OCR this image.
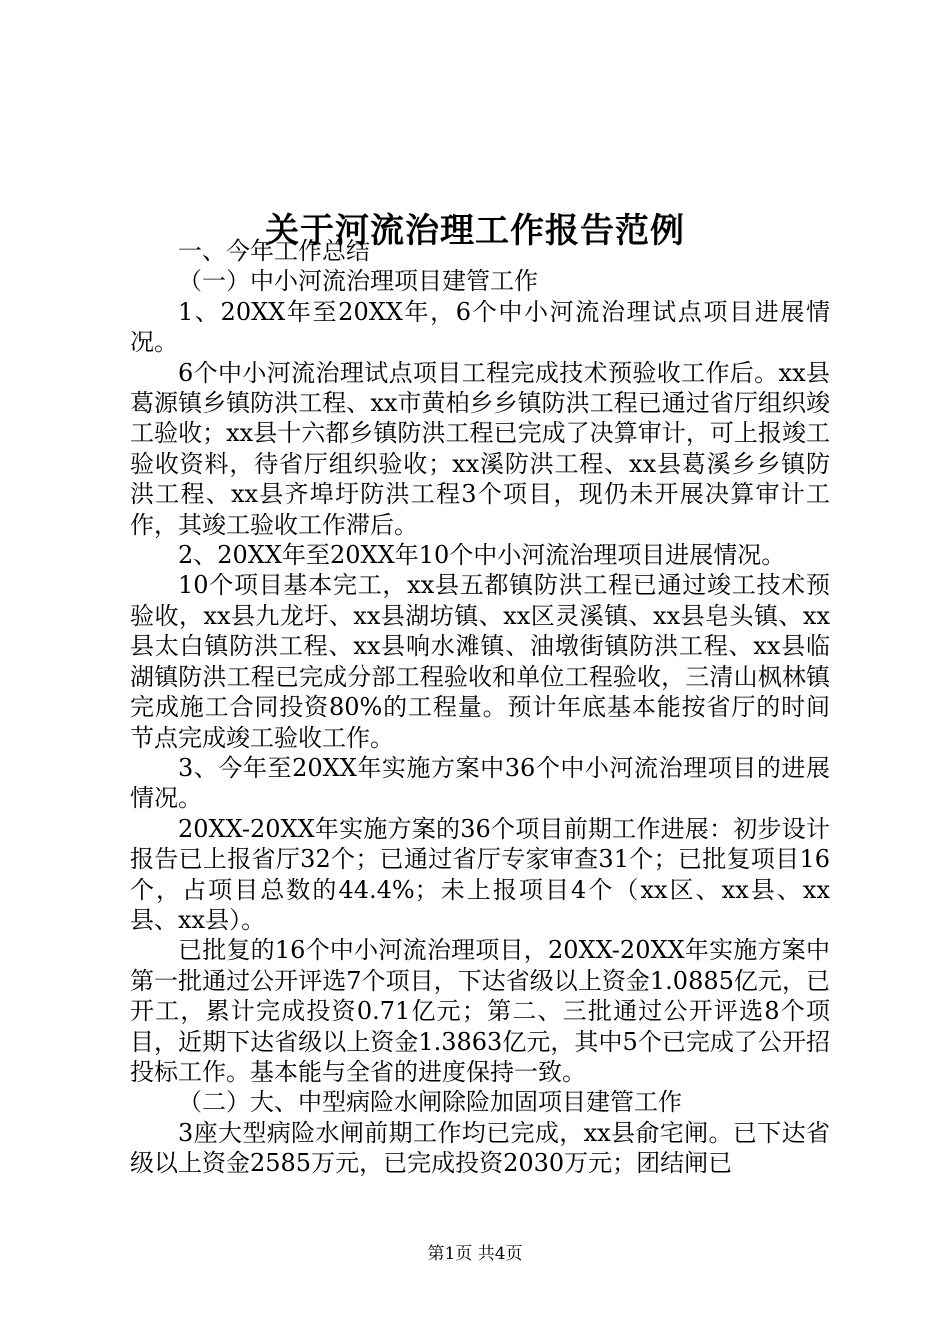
关于河流治理工作报告范例

一、今年工作总结

（一）中小河流治理项目建管工作

1、20XX年至20XX年，6个中小河流治理试点项目进展情况。

6个中小河流治理试点项目工程完成技术预验收工作后。xx县葛源镇乡镇防洪工程、xx市黄柏乡乡镇防洪工程已通过省厅组织竣工验收；xx县十六都乡镇防洪工程已完成了决算审计，可上报竣工验收资料，待省厅组织验收；xx溪防洪工程、xx县葛溪乡乡镇防洪工程、xx县齐埠圩防洪工程3个项目，现仍未开展决算审计工作，其竣工验收工作滞后。

2、20XX年至20XX年10个中小河流治理项目进展情况。

10个项目基本完工，xx县五都镇防洪工程已通过竣工技术预验收，xx县九龙圩、xx县湖坊镇、xx区灵溪镇、xx县皂头镇、xx县太白镇防洪工程、xx县响水滩镇、油墩街镇防洪工程、xx县临湖镇防洪工程已完成分部工程验收和单位工程验收，三清山枫林镇完成施工合同投资80%的工程量。预计年底基本能按省厅的时间节点完成竣工验收工作。

3、今年至20XX年实施方案中36个中小河流治理项目的进展情况。

20XX-20XX年实施方案的36个项目前期工作进展：初步设计报告已上报省厅32个；已通过省厅专家审查31个；已批复项目16个，占项目总数的44.4%；未上报项目4个（xx区、xx县、xx县、xx县）。

已批复的16个中小河流治理项目，20XX-20XX年实施方案中第一批通过公开评选7个项目，下达省级以上资金1.0885亿元，已开工，累计完成投资0.71亿元；第二、三批通过公开评选8个项目，近期下达省级以上资金1.3863亿元，其中5个已完成了公开招投标工作。基本能与全省的进度保持一致。

（二）大、中型病险水闸除险加固项目建管工作

3座大型病险水闸前期工作均已完成，xx县俞宅闸。已下达省级以上资金2585万元，已完成投资2030万元；团结闸已

第1页 共4页
